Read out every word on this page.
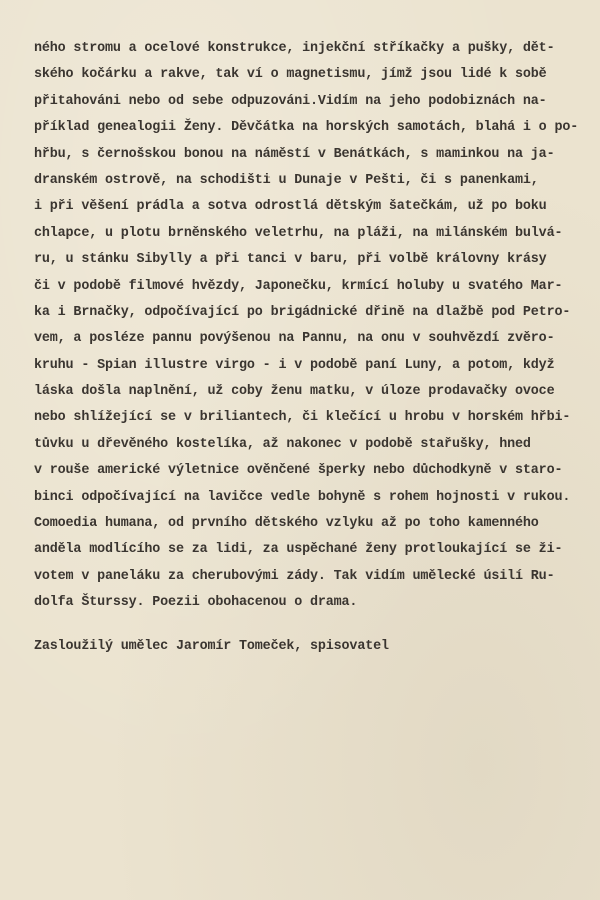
ného stromu a ocelové konstrukce, injekční stříkačky a pušky, dět-
ského kočárku a rakve, tak ví o magnetismu, jímž jsou lidé k sobě
přitahováni nebo od sebe odpuzováni.Vidím na jeho podobiznách na-
příklad genealogii Ženy. Děvčátka na horských samotách, blahá i o po-
hřbu, s černošskou bonou na náměstí v Benátkách, s maminkou na ja-
dranském ostrově, na schodišti u Dunaje v Pešti, či s panenkami,
i při věšení prádla a sotva odrostlá dětským šatečkám, už po boku
chlapce, u plotu brněnského veletrhu, na pláži, na milánském bulvá-
ru, u stánku Sibylly a při tanci v baru, při volbě královny krásy
či v podobě filmové hvězdy, Japonečku, krmící holuby u svatého Mar-
ka i Brnačky, odpočívající po brigádnické dřině na dlažbě pod Petro-
vem, a posléze pannu povýšenou na Pannu, na onu v souhvězdí zvěro-
kruhu - Spian illustre virgo - i v podobě paní Luny, a potom, když
láska došla naplnění, už coby ženu matku, v úloze prodavačky ovoce
nebo shlížející se v briliantech, či klečící u hrobu v horském hřbi-
tůvku u dřevěného kostelíka, až nakonec v podobě stařušky, hned
v rouše americké výletnice ověnčené šperky nebo důchodkyně v staro-
binci odpočívající na lavičce vedle bohyně s rohem hojnosti v rukou.
Comoedia humana, od prvního dětského vzlyku až po toho kamenného
anděla modlícího se za lidi, za uspěchané ženy protloukající se ži-
votem v paneláku za cherubovými zády. Tak vidím umělecké úsilí Ru-
dolfa Šturssy. Poezii obohacenou o drama.
Zasloužilý umělec Jaromír Tomeček, spisovatel
